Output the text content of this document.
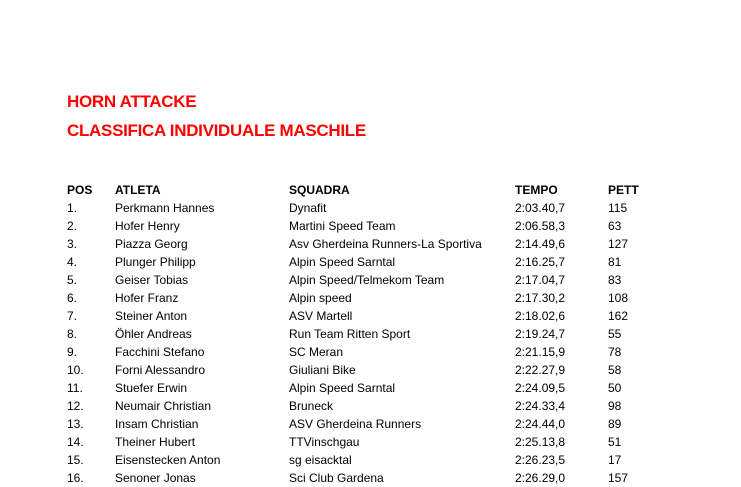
HORN ATTACKE
CLASSIFICA INDIVIDUALE MASCHILE
POS ATLETA	SQUADRA	TEMPO	PETT
1.	Perkmann Hannes	Dynafit	2:03.40,7	115
2.	Hofer Henry	Martini Speed Team	2:06.58,3	63
3.	Piazza Georg	Asv Gherdeina Runners-La Sportiva	2:14.49,6	127
4.	Plunger Philipp	Alpin Speed Sarntal	2:16.25,7	81
5.	Geiser Tobias	Alpin Speed/Telmekom Team	2:17.04,7	83
6.	Hofer Franz	Alpin speed	2:17.30,2	108
7.	Steiner Anton	ASV Martell	2:18.02,6	162
8.	Öhler Andreas	Run Team Ritten Sport	2:19.24,7	55
9.	Facchini Stefano	SC Meran	2:21.15,9	78
10.	Forni Alessandro	Giuliani Bike	2:22.27,9	58
11.	Stuefer Erwin	Alpin Speed Sarntal	2:24.09,5	50
12.	Neumair Christian	Bruneck	2:24.33,4	98
13.	Insam Christian	ASV Gherdeina Runners	2:24.44,0	89
14.	Theiner Hubert	TTVinschgau	2:25.13,8	51
15.	Eisenstecken Anton	sg eisacktal	2:26.23,5	17
16.	Senoner Jonas	Sci Club Gardena	2:26.29,0	157
